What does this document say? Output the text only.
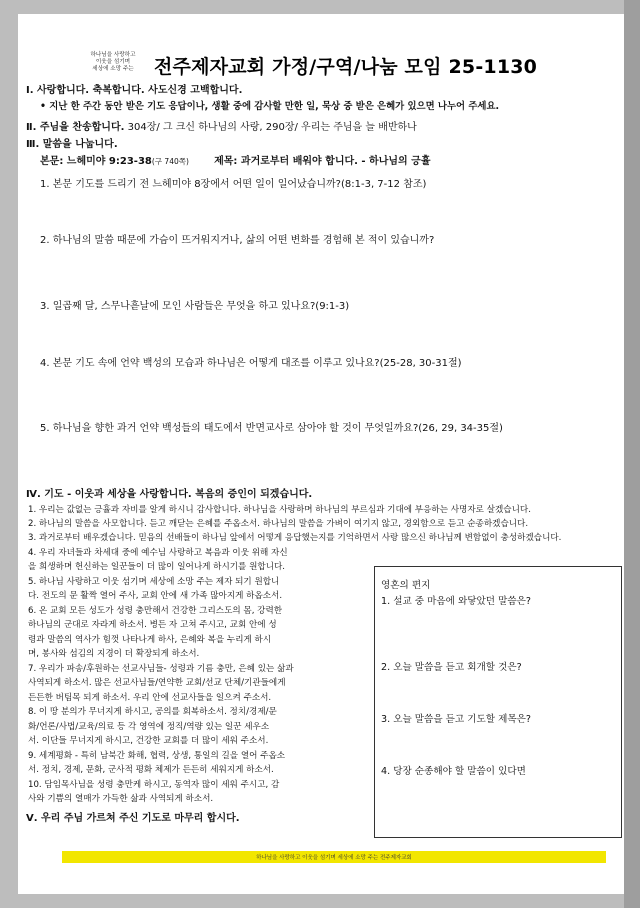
하나님을 사랑하고
이웃을 섬기며
세상에 소망 주는	전주제자교회 가정/구역/나눔 모임 25-1130
Ⅰ. 사랑합니다. 축복합니다. 사도신경 고백합니다.
• 지난 한 주간 동안 받은 기도 응답이나, 생활 중에 감사할 만한 일, 묵상 중 받은 은혜가 있으면 나누어 주세요.
Ⅱ. 주님을 찬송합니다. 304장/ 그 크신 하나님의 사랑, 290장/ 우리는 주님을 늘 배반하나
Ⅲ. 말씀을 나눕니다.
본문: 느헤미야 9:23-38(구 740쪽)	제목: 과거로부터 배워야 합니다. - 하나님의 긍휼
1. 본문 기도를 드리기 전 느헤미야 8장에서 어떤 일이 일어났습니까?(8:1-3, 7-12 참조)
2. 하나님의 말씀 때문에 가슴이 뜨거워지거나, 삶의 어떤 변화를 경험해 본 적이 있습니까?
3. 일곱째 달, 스무나흗날에 모인 사람들은 무엇을 하고 있나요?(9:1-3)
4. 본문 기도 속에 언약 백성의 모습과 하나님은 어떻게 대조를 이루고 있나요?(25-28, 30-31절)
5. 하나님을 향한 과거 언약 백성들의 태도에서 반면교사로 삼아야 할 것이 무엇일까요?(26, 29, 34-35절)
Ⅳ. 기도 - 이웃과 세상을 사랑합니다. 복음의 증인이 되겠습니다.
1. 우리는 값없는 긍휼과 자비를 알게 하시니 감사합니다. 하나님을 사랑하며 하나님의 부르심과 기대에 부응하는 사명자로 살겠습니다.
2. 하나님의 말씀을 사모합니다. 듣고 깨닫는 은혜를 주옵소서. 하나님의 말씀을 가벼이 여기지 않고, 경외함으로 듣고 순종하겠습니다.
3. 과거로부터 배우겠습니다. 믿음의 선배들이 하나님 앞에서 어떻게 응답했는지를 기억하면서 사랑 많으신 하나님께 변함없이 충성하겠습니다.
4. 우리 자녀들과 차세대 중에 예수님 사랑하고 복음과 이웃 위해 자신
을 희생하며 헌신하는 일꾼들이 더 많이 일어나게 하시기를 원합니다.
5. 하나님 사랑하고 이웃 섬기며 세상에 소망 주는 제자 되기 원합니
다. 전도의 문 활짝 열어 주사, 교회 안에 새 가족 많아지게 하옵소서.
6. 온 교회 모든 성도가 성령 충만해서 건강한 그리스도의 몸, 강력한
하나님의 군대로 자라게 하소서. 병든 자 고쳐 주시고, 교회 안에 성
령과 말씀의 역사가 힘껏 나타나게 하사, 은혜와 복을 누리게 하시
며, 봉사와 섬김의 지경이 더 확장되게 하소서.
7. 우리가 파송/후원하는 선교사님들- 성령과 기름 충만, 은혜 있는 삶과
사역되게 하소서. 많은 선교사님들/연약한 교회/선교 단체/기관들에게
든든한 버팀목 되게 하소서. 우리 안에 선교사들을 일으켜 주소서.
8. 이 땅 분의가 무너지게 하시고, 공의를 회복하소서. 정치/경제/문
화/언론/사법/교육/의료 등 각 영역에 정직/역량 있는 일꾼 세우소
서. 이단들 무너지게 하시고, 건강한 교회를 더 많이 세워 주소서.
9. 세계평화 - 특히 남북간 화해, 협력, 상생, 통일의 길을 열어 주옵소
서. 정치, 경제, 문화, 군사적 평화 체제가 든든히 세워지게 하소서.
10. 담임목사님을 성령 충만케 하시고, 동역자 많이 세워 주시고, 감
사와 기쁨의 열매가 가득한 삶과 사역되게 하소서.
Ⅴ. 우리 주님 가르쳐 주신 기도로 마무리 합시다.
영혼의 편지
1. 설교 중 마음에 와닿았던 말씀은?
2. 오늘 말씀을 듣고 회개할 것은?
3. 오늘 말씀을 듣고 기도할 제목은?
4. 당장 순종해야 할 말씀이 있다면
하나님을 사랑하고 이웃을 섬기며 세상에 소망 주는 전주제자교회
